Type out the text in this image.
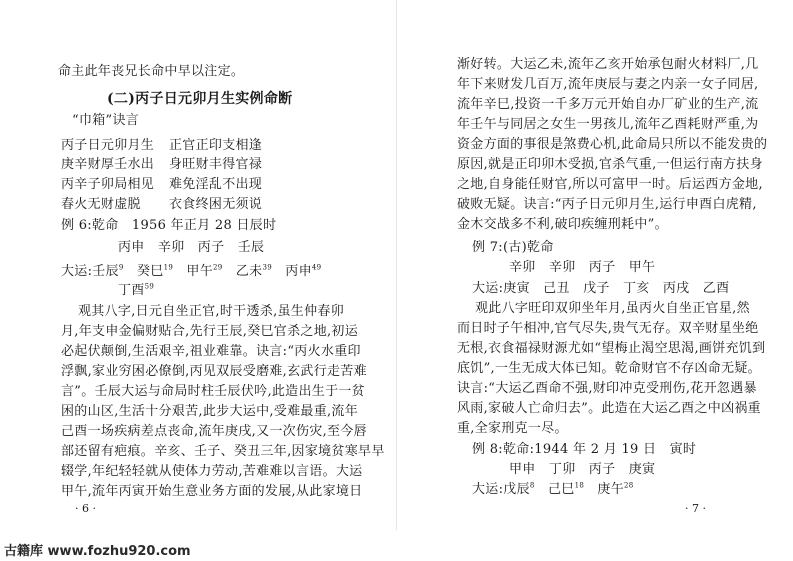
命主此年丧兄长命中早以注定。
(二)丙子日元卯月生实例命断
“巾箱”诀言
丙子日元卯月生 正官正印支相逢
庚辛财厚壬水出 身旺财丰得官禄
丙辛子卯局相见 难免淫乱不出现
春火无财虚脱 衣食终困无须说
例 6:乾命　1956 年正月 28 日辰时
丙申　辛卯　丙子　壬辰
大运:壬辰$^9$　 癸巳$^{19}$　 甲午$^{29}$　 乙未$^{39}$　 丙申$^{49}$
丁酉$^{59}$
观其八字,日元自坐正官,时干透杀,虽生仲春卯
月,年支申金偏财贴合,先行王辰,癸巳官杀之地,初运
必起伏颠倒,生活艰辛,祖业难靠。诀言:“丙火水重印
浮飘,家业穷困必僚倒,丙见双辰受磨难,玄武行走苦难
言”。壬辰大运与命局时柱壬辰伏吟,此造出生于一贫
困的山区,生活十分艰苦,此步大运中,受难最重,流年
己酉一场疾病差点丧命,流年庚戌,又一次伤灾,至今唇
部还留有疤痕。辛亥、壬子、癸丑三年,因家境贫寒早早
辍学,年纪轻轻就从使体力劳动,苦难难以言语。大运
甲午,流年丙寅开始生意业务方面的发展,从此家境日
· 6 ·
渐好转。大运乙未,流年乙亥开始承包耐火材料厂,几
年下来财发几百万,流年庚辰与妻之内亲一女子同居,
流年辛巳,投资一千多万元开始自办厂矿业的生产,流
年壬午与同居之女生一男孩儿,流年乙酉耗财严重,为
资金方面的事很是煞费心机,此命局只所以不能发贵的
原因,就是正印卯木受损,官杀气重,一但运行南方扶身
之地,自身能任财官,所以可富甲一时。后运西方金地,
破败无疑。诀言:“丙子日元卯月生,运行申酉白虎精,
金木交战多不利,破印疾缠刑耗中”。
例 7:(古)乾命
辛卯　辛卯　丙子　甲午
大运:庚寅　己丑　戊子　丁亥　丙戌　乙酉
观此八字旺印双卯坐年月,虽丙火自坐正官星,然
而日时子午相冲,官气尽失,贵气无存。双辛财星坐绝
无根,衣食福禄财源尤如“望梅止渴空思渴,画饼充饥到
底饥”,一生无成大体已知。乾命财官不存凶命无疑。
诀言:“大运乙酉命不强,财印冲克受刑伤,花开忽遇暴
风雨,家破人亡命归去”。此造在大运乙酉之中凶祸重
重,全家刑克一尽。
例 8:乾命:1944 年 2 月 19 日　寅时
甲申　丁卯　丙子　庚寅
大运:戊辰$^8$　 己巳$^{18}$　 庚午$^{28}$
· 7 ·
古籍库 www.fozhu920.com
